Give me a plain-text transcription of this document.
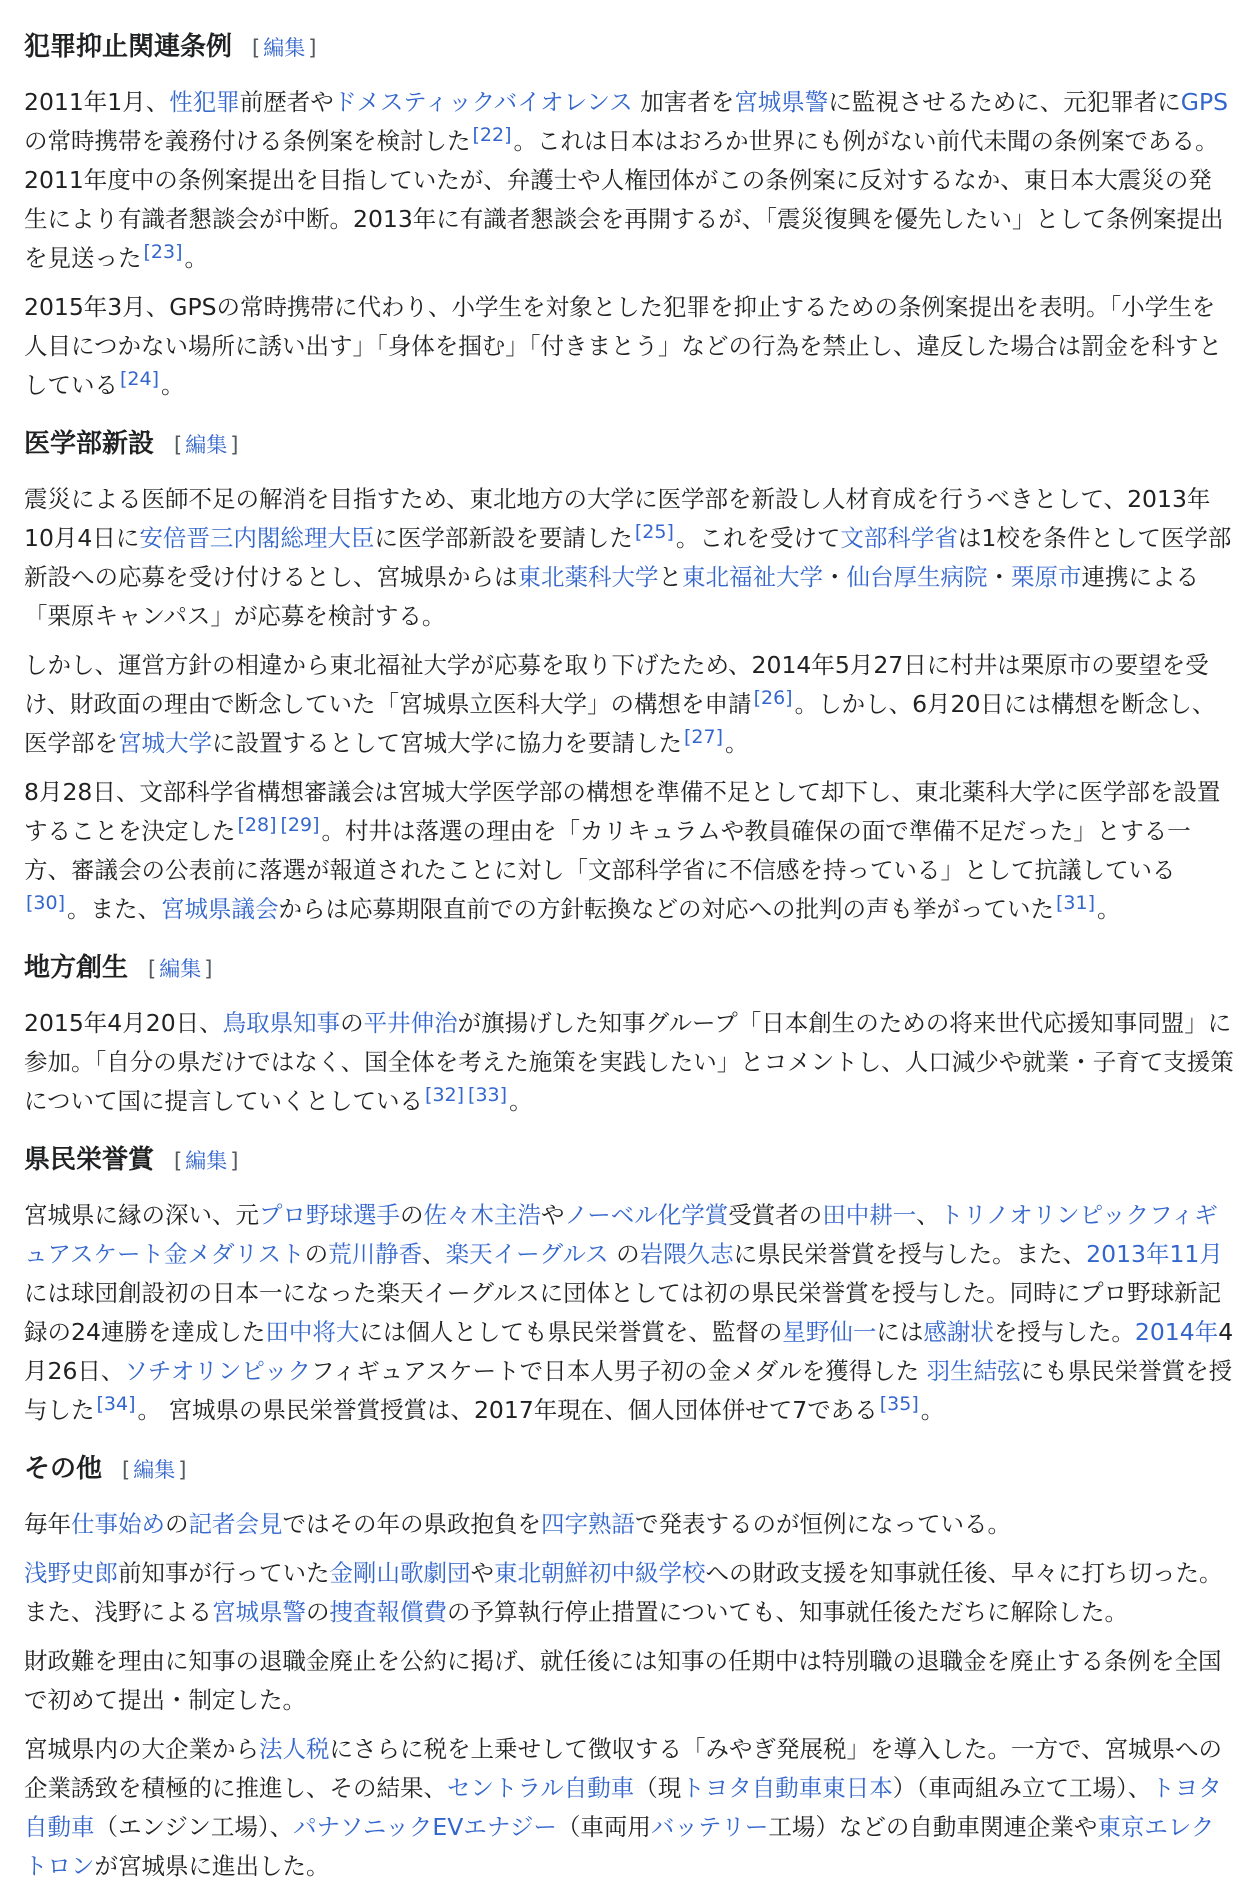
犯罪抑止関連条例 [ 編集 ]

2011年1月、性犯罪前歴者やドメスティックバイオレンス 加害者を宮城県警に監視させるために、元犯罪者にGPSの常時携帯を義務付ける条例案を検討した [22]。これは日本はおろか世界にも例がない前代未聞の条例案である。2011年度中の条例案提出を目指していたが、弁護士や人権団体がこの条例案に反対するなか、東日本大震災の発生により有識者懇談会が中断。2013年に有識者懇談会を再開するが、「震災復興を優先したい」として条例案提出を見送った [23]。

2015年3月、GPSの常時携帯に代わり、小学生を対象とした犯罪を抑止するための条例案提出を表明。「小学生を人目につかない場所に誘い出す」「身体を掴む」「付きまとう」などの行為を禁止し、違反した場合は罰金を科すとしている [24]。

医学部新設 [ 編集 ]

震災による医師不足の解消を目指すため、東北地方の大学に医学部を新設し人材育成を行うべきとして、2013年10月4日に安倍晋三内閣総理大臣に医学部新設を要請した [25]。これを受けて文部科学省は1校を条件として医学部新設への応募を受け付けるとし、宮城県からは東北薬科大学と東北福祉大学・仙台厚生病院・栗原市連携による「栗原キャンパス」が応募を検討する。

しかし、運営方針の相違から東北福祉大学が応募を取り下げたため、2014年5月27日に村井は栗原市の要望を受け、財政面の理由で断念していた「宮城県立医科大学」の構想を申請 [26]。しかし、6月20日には構想を断念し、医学部を宮城大学に設置するとして宮城大学に協力を要請した [27]。

8月28日、文部科学省構想審議会は宮城大学医学部の構想を準備不足として却下し、東北薬科大学に医学部を設置することを決定した [28] [29]。村井は落選の理由を「カリキュラムや教員確保の面で準備不足だった」とする一方、審議会の公表前に落選が報道されたことに対し「文部科学省に不信感を持っている」として抗議している[30]。また、宮城県議会からは応募期限直前での方針転換などの対応への批判の声も挙がっていた [31]。

地方創生 [ 編集 ]

2015年4月20日、鳥取県知事の平井伸治が旗揚げした知事グループ「日本創生のための将来世代応援知事同盟」に参加。「自分の県だけではなく、国全体を考えた施策を実践したい」とコメントし、人口減少や就業・子育て支援策について国に提言していくとしている [32] [33]。

県民栄誉賞 [ 編集 ]

宮城県に縁の深い、元プロ野球選手の佐々木主浩やノーベル化学賞受賞者の田中耕一、トリノオリンピックフィギュアスケート金メダリストの荒川静香、楽天イーグルス の岩隈久志に県民栄誉賞を授与した。また、2013年11月には球団創設初の日本一になった楽天イーグルスに団体としては初の県民栄誉賞を授与した。同時にプロ野球新記録の24連勝を達成した田中将大には個人としても県民栄誉賞を、監督の星野仙一には感謝状を授与した。2014年4月26日、ソチオリンピックフィギュアスケートで日本人男子初の金メダルを獲得した 羽生結弦にも県民栄誉賞を授与した [34]。 宮城県の県民栄誉賞授賞は、2017年現在、個人団体併せて7である [35]。

その他 [ 編集 ]

毎年仕事始めの記者会見ではその年の県政抱負を四字熟語で発表するのが恒例になっている。

浅野史郎前知事が行っていた金剛山歌劇団や東北朝鮮初中級学校への財政支援を知事就任後、早々に打ち切った。また、浅野による宮城県警の捜査報償費の予算執行停止措置についても、知事就任後ただちに解除した。

財政難を理由に知事の退職金廃止を公約に掲げ、就任後には知事の任期中は特別職の退職金を廃止する条例を全国で初めて提出・制定した。

宮城県内の大企業から法人税にさらに税を上乗せして徴収する「みやぎ発展税」を導入した。一方で、宮城県への企業誘致を積極的に推進し、その結果、セントラル自動車（現トヨタ自動車東日本）（車両組み立て工場）、トヨタ自動車（エンジン工場）、パナソニックEVエナジー（車両用バッテリー工場）などの自動車関連企業や東京エレクトロンが宮城県に進出した。
